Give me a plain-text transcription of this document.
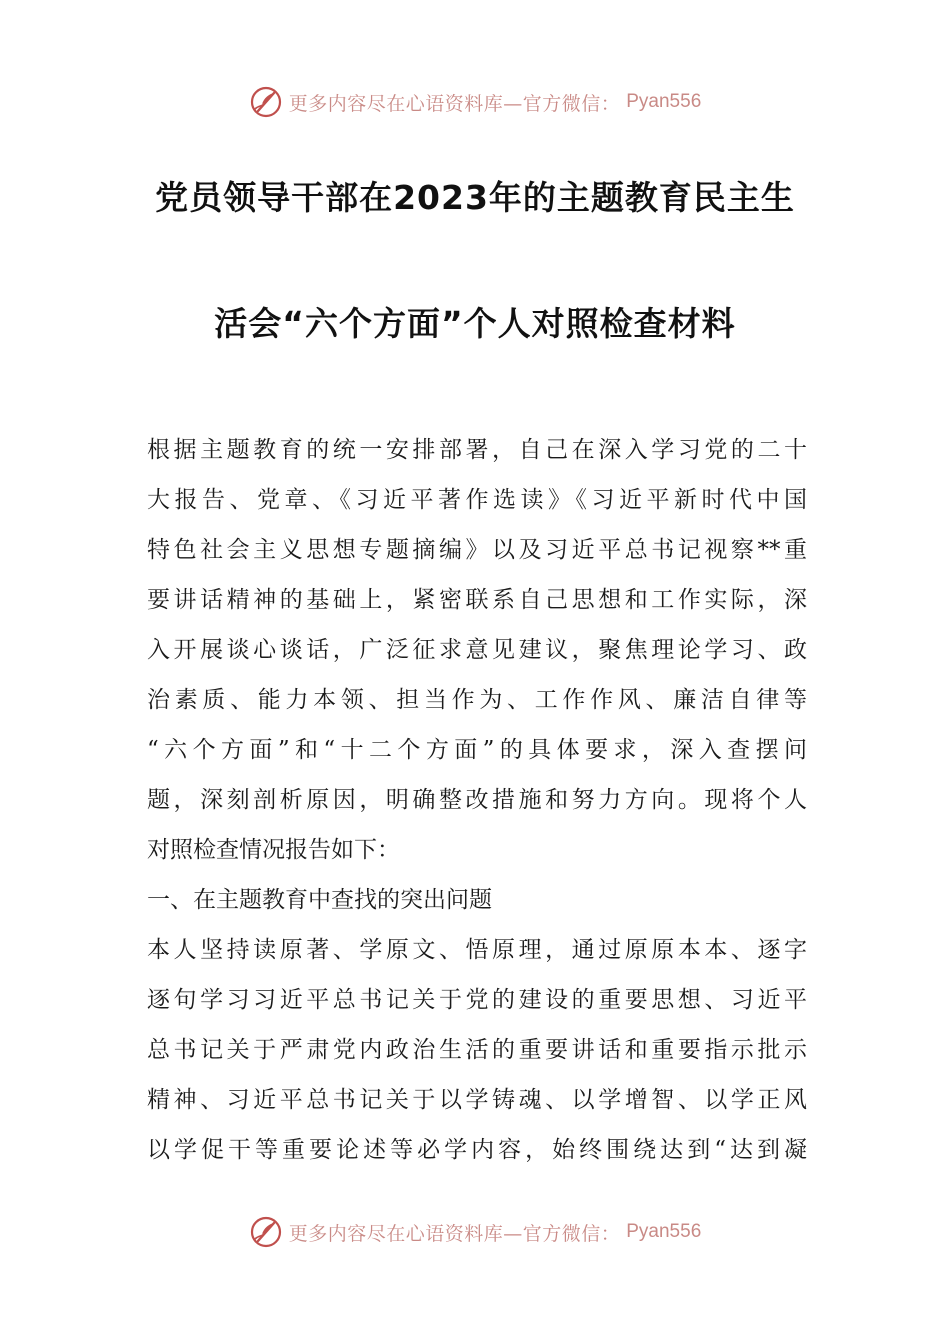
更多内容尽在心语资料库—官方微信： Pyan556
党员领导干部在2023年的主题教育民主生
活会“六个方面”个人对照检查材料
根据主题教育的统一安排部署，自己在深入学习党的二十
大报告、党章、《习近平著作选读》《习近平新时代中国
特色社会主义思想专题摘编》以及习近平总书记视察**重
要讲话精神的基础上，紧密联系自己思想和工作实际，深
入开展谈心谈话，广泛征求意见建议，聚焦理论学习、政
治素质、能力本领、担当作为、工作作风、廉洁自律等
“六个方面”和“十二个方面”的具体要求，深入查摆问
题，深刻剖析原因，明确整改措施和努力方向。现将个人
对照检查情况报告如下：
一、在主题教育中查找的突出问题
本人坚持读原著、学原文、悟原理，通过原原本本、逐字
逐句学习习近平总书记关于党的建设的重要思想、习近平
总书记关于严肃党内政治生活的重要讲话和重要指示批示
精神、习近平总书记关于以学铸魂、以学增智、以学正风
以学促干等重要论述等必学内容，始终围绕达到“达到凝
更多内容尽在心语资料库—官方微信： Pyan556
